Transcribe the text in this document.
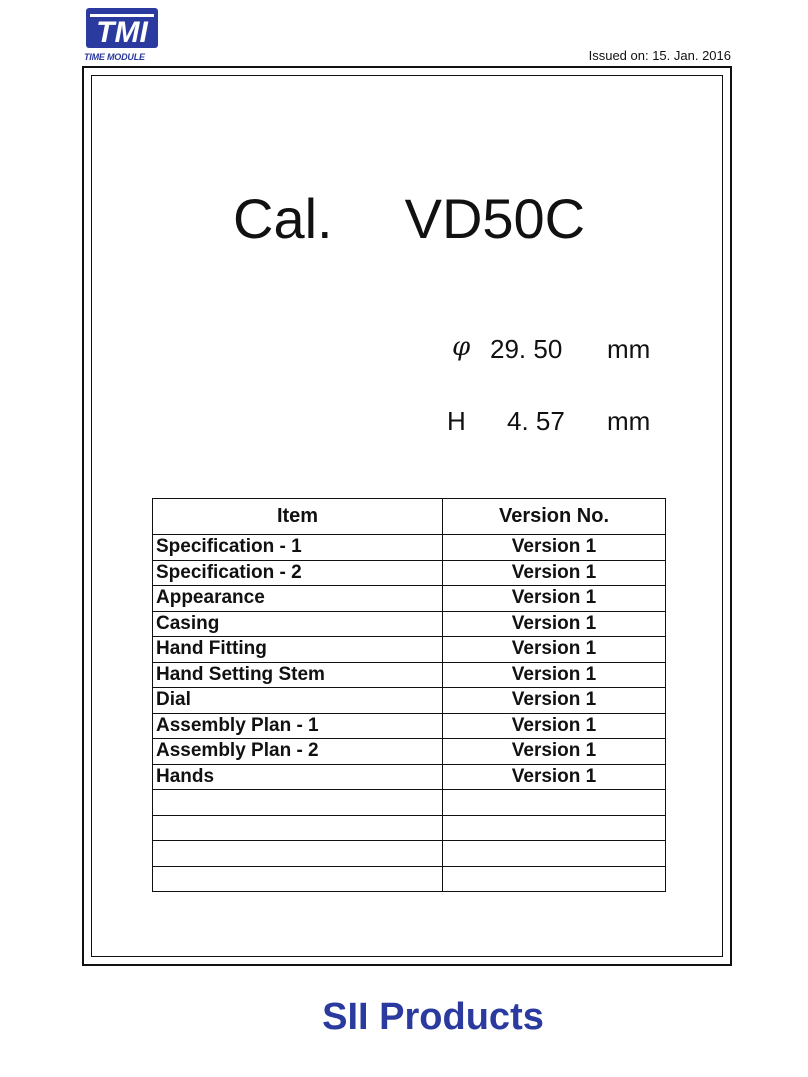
TMI
TIME MODULE	Issued on: 15. Jan. 2016
Cal. VD50C
φ 29. 50 mm
H 4. 57 mm
Item	Version No.
Specification - 1	Version 1
Specification - 2	Version 1
Appearance	Version 1
Casing	Version 1
Hand Fitting	Version 1
Hand Setting Stem	Version 1
Dial	Version 1
Assembly Plan - 1	Version 1
Assembly Plan - 2	Version 1
Hands	Version 1

SII Products
